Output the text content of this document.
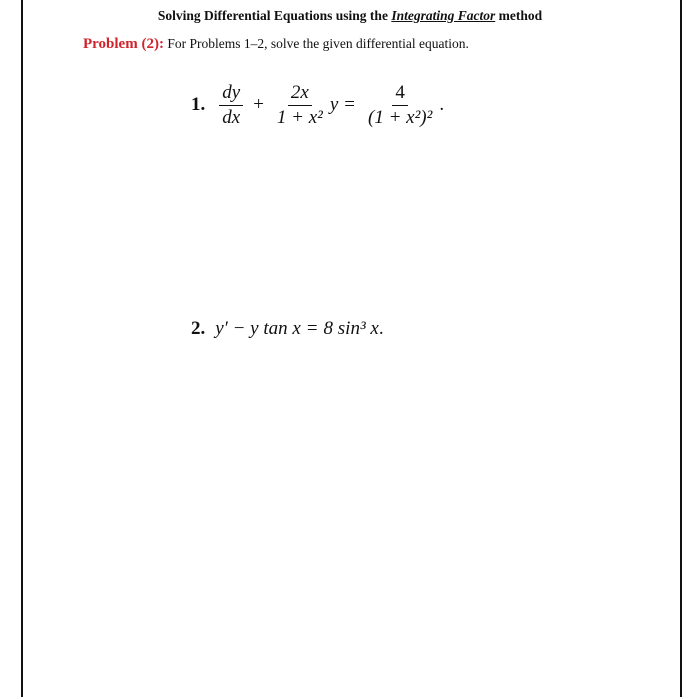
Solving Differential Equations using the Integrating Factor method
Problem (2): For Problems 1–2, solve the given differential equation.
1. $\frac{dy}{dx} + \frac{2x}{\text{1 + x²}}$ $y = \frac{4}{\text{(1 + x²)²}}$ .
2. y′ − y tan x = 8 sin³ x .
